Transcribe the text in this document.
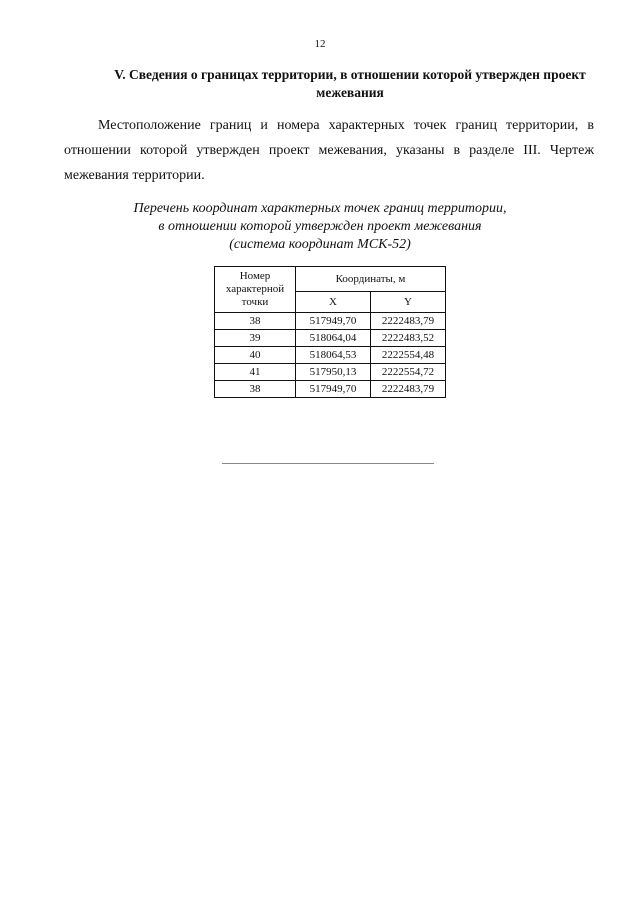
12
V. Сведения о границах территории, в отношении которой утвержден проект межевания
Местоположение границ и номера характерных точек границ территории, в отношении которой утвержден проект межевания, указаны в разделе III. Чертеж межевания территории.
Перечень координат характерных точек границ территории,
в отношении которой утвержден проект межевания
(система координат МСК-52)
Номер характерной точки	Координаты, м	
	X	Y
38	517949,70	2222483,79
39	518064,04	2222483,52
40	518064,53	2222554,48
41	517950,13	2222554,72
38	517949,70	2222483,79
